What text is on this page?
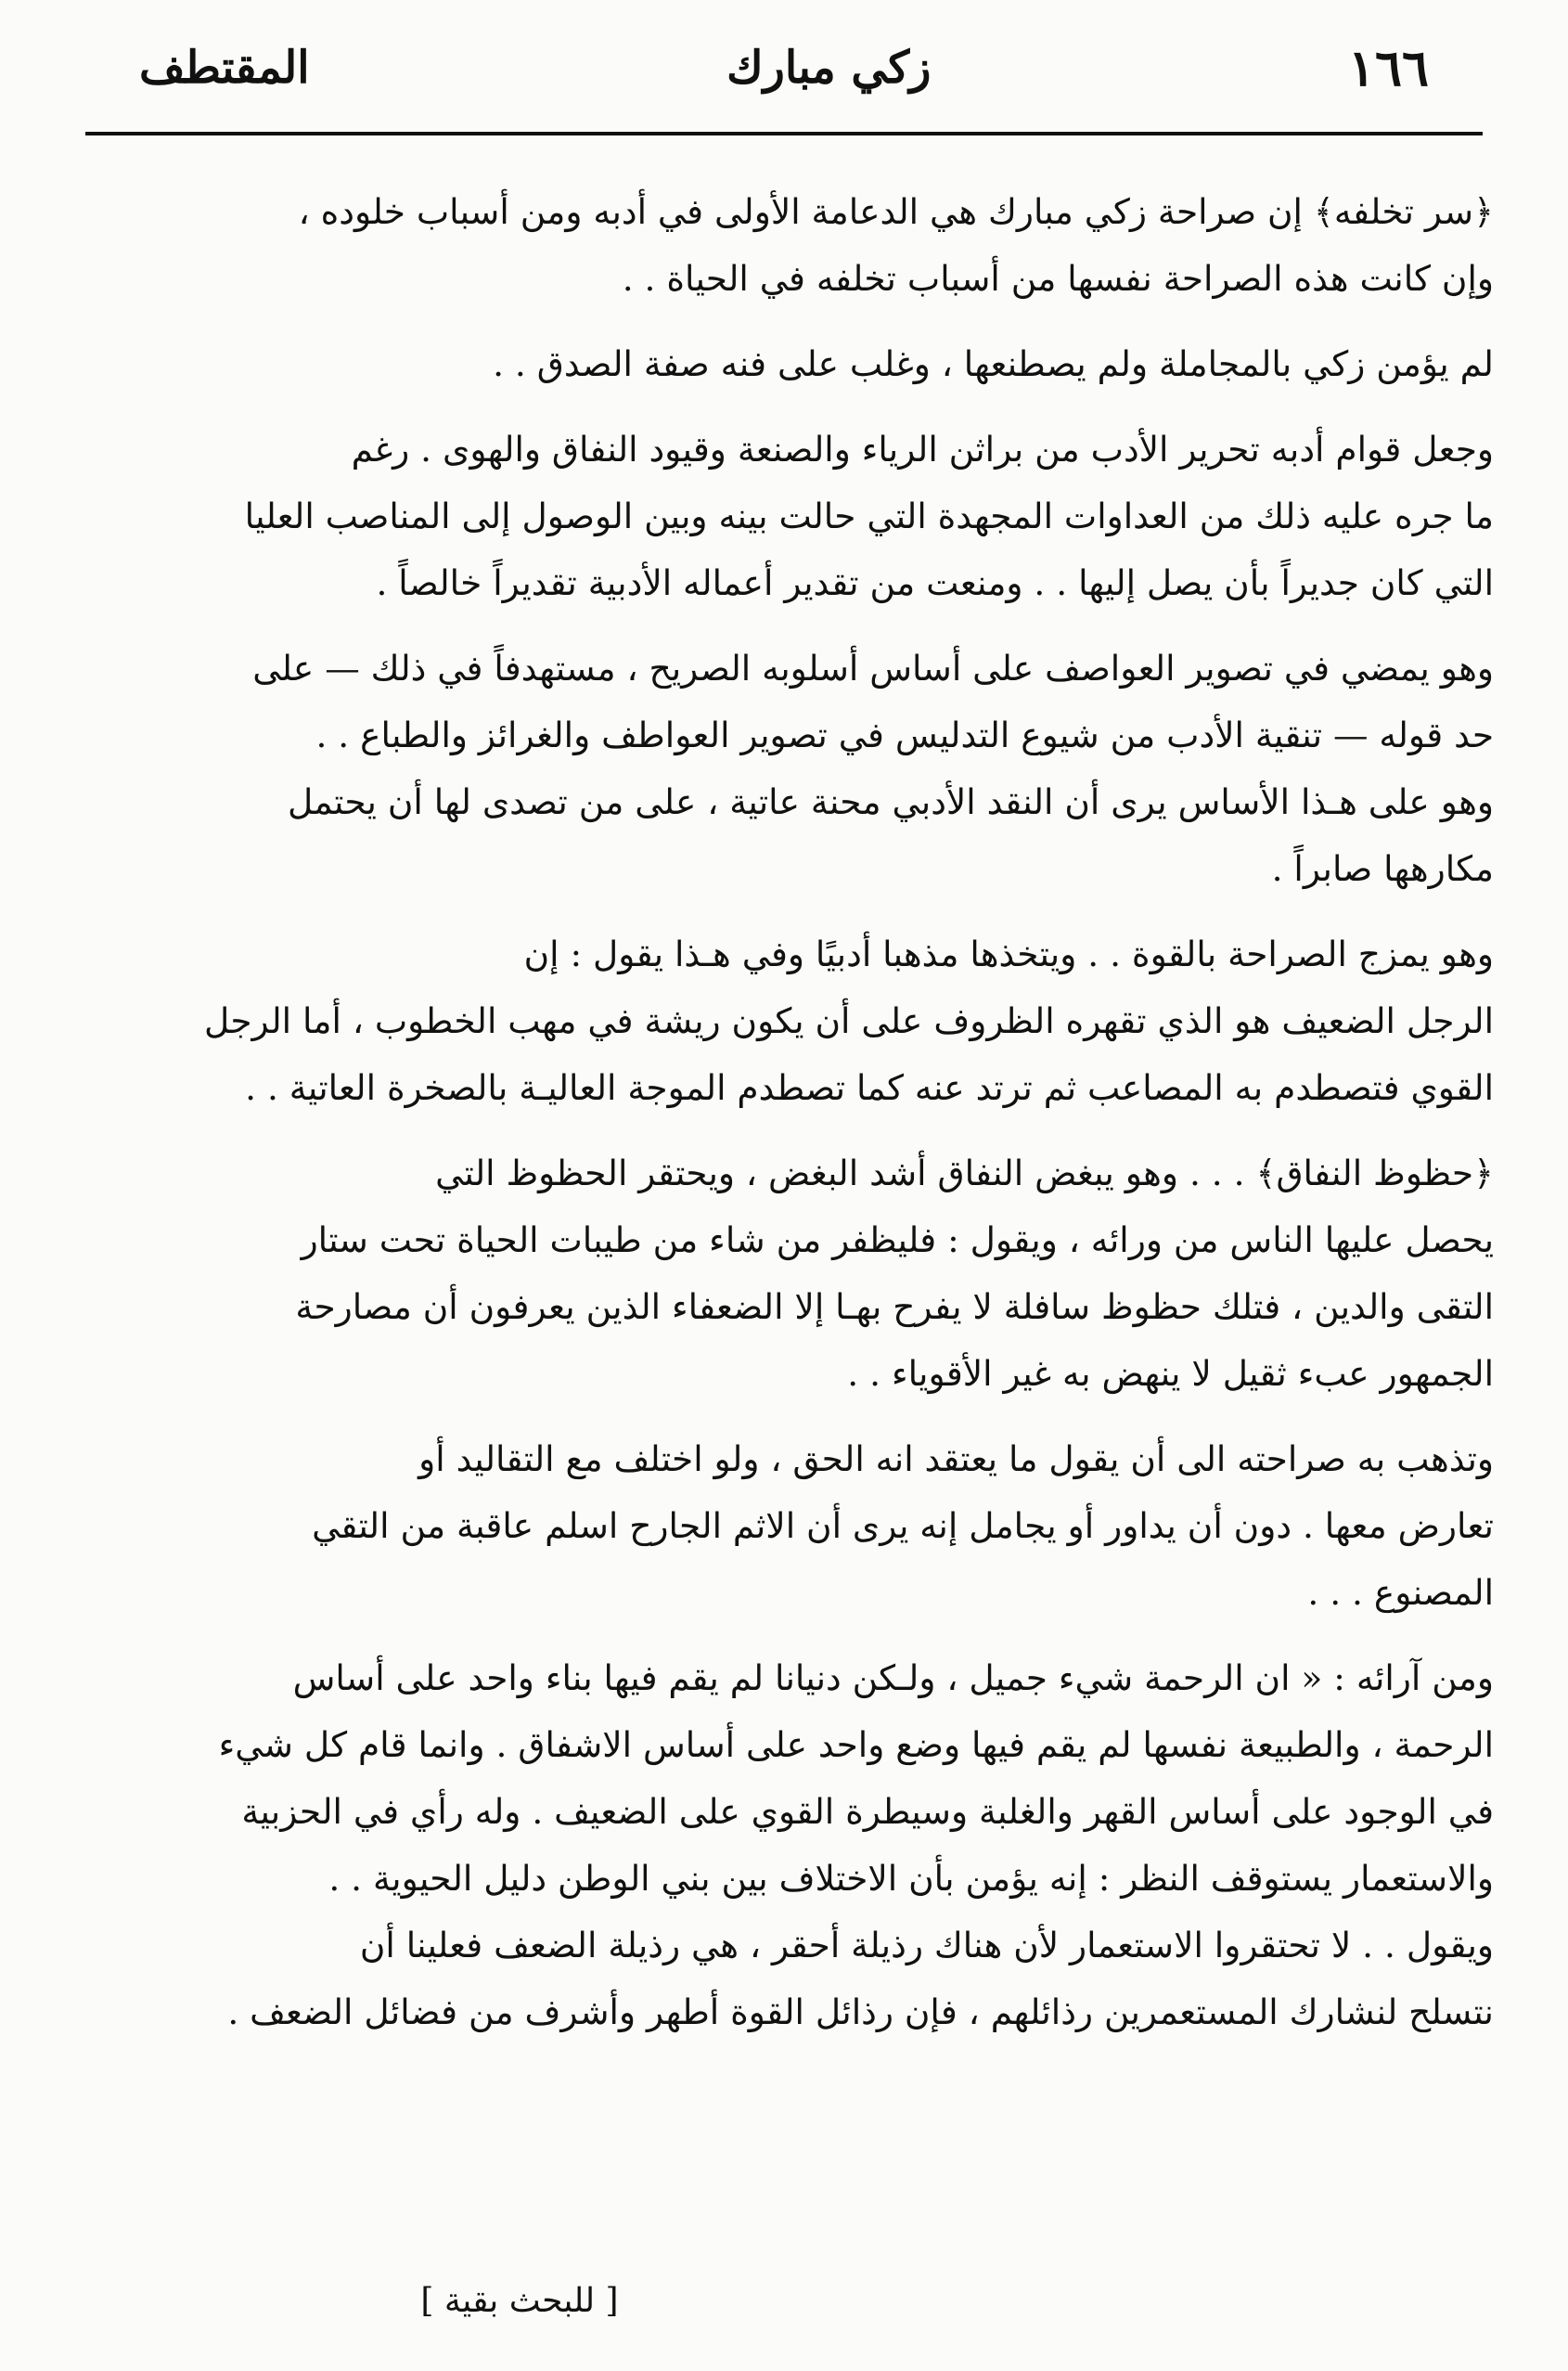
١٦٦
زكي مبارك
المقتطف
﴿سر تخلفه﴾ إن صراحة زكي مبارك هي الدعامة الأولى في أدبه ومن أسباب خلوده ،
وإن كانت هذه الصراحة نفسها من أسباب تخلفه في الحياة . .
لم يؤمن زكي بالمجاملة ولم يصطنعها ، وغلب على فنه صفة الصدق . .
وجعل قوام أدبه تحرير الأدب من براثن الرياء والصنعة وقيود النفاق والهوى . رغم
ما جره عليه ذلك من العداوات المجهدة التي حالت بينه وبين الوصول إلى المناصب العليا
التي كان جديراً بأن يصل إليها . . ومنعت من تقدير أعماله الأدبية تقديراً خالصاً .
وهو يمضي في تصوير العواصف على أساس أسلوبه الصريح ، مستهدفاً في ذلك — على
حد قوله — تنقية الأدب من شيوع التدليس في تصوير العواطف والغرائز والطباع . .
وهو على هـذا الأساس يرى أن النقد الأدبي محنة عاتية ، على من تصدى لها أن يحتمل
مكارهها صابراً .
وهو يمزج الصراحة بالقوة . . ويتخذها مذهبا أدبيًا وفي هـذا يقول : إن
الرجل الضعيف هو الذي تقهره الظروف على أن يكون ريشة في مهب الخطوب ، أما الرجل
القوي فتصطدم به المصاعب ثم ترتد عنه كما تصطدم الموجة العاليـة بالصخرة العاتية . .
﴿حظوظ النفاق﴾ . . . وهو يبغض النفاق أشد البغض ، ويحتقر الحظوظ التي
يحصل عليها الناس من ورائه ، ويقول : فليظفر من شاء من طيبات الحياة تحت ستار
التقى والدين ، فتلك حظوظ سافلة لا يفرح بهـا إلا الضعفاء الذين يعرفون أن مصارحة
الجمهور عبء ثقيل لا ينهض به غير الأقوياء . .
وتذهب به صراحته الى أن يقول ما يعتقد انه الحق ، ولو اختلف مع التقاليد أو
تعارض معها . دون أن يداور أو يجامل إنه يرى أن الاثم الجارح اسلم عاقبة من التقي
المصنوع . . .
ومن آرائه : « ان الرحمة شيء جميل ، ولـكن دنيانا لم يقم فيها بناء واحد على أساس
الرحمة ، والطبيعة نفسها لم يقم فيها وضع واحد على أساس الاشفاق . وانما قام كل شيء
في الوجود على أساس القهر والغلبة وسيطرة القوي على الضعيف . وله رأي في الحزبية
والاستعمار يستوقف النظر : إنه يؤمن بأن الاختلاف بين بني الوطن دليل الحيوية . .
ويقول . . لا تحتقروا الاستعمار لأن هناك رذيلة أحقر ، هي رذيلة الضعف فعلينا أن
نتسلح لنشارك المستعمرين رذائلهم ، فإن رذائل القوة أطهر وأشرف من فضائل الضعف .
[ للبحث بقية ]
